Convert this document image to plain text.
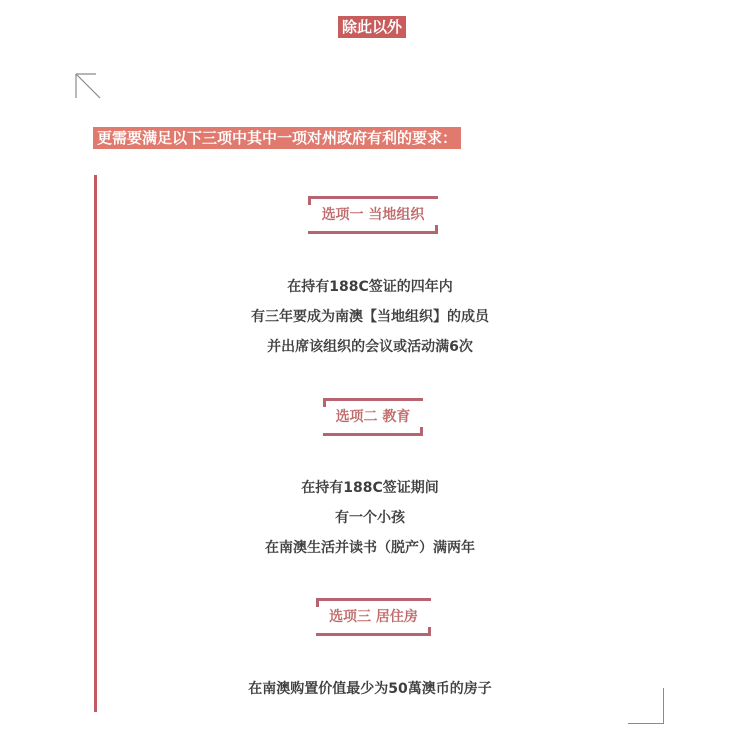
除此以外
更需要满足以下三项中其中一项对州政府有利的要求：
选项一 当地组织
在持有188C签证的四年内
有三年要成为南澳【当地组织】的成员
并出席该组织的会议或活动满6次
选项二 教育
在持有188C签证期间
有一个小孩
在南澳生活并读书（脱产）满两年
选项三 居住房
在南澳购置价值最少为50萬澳币的房子
